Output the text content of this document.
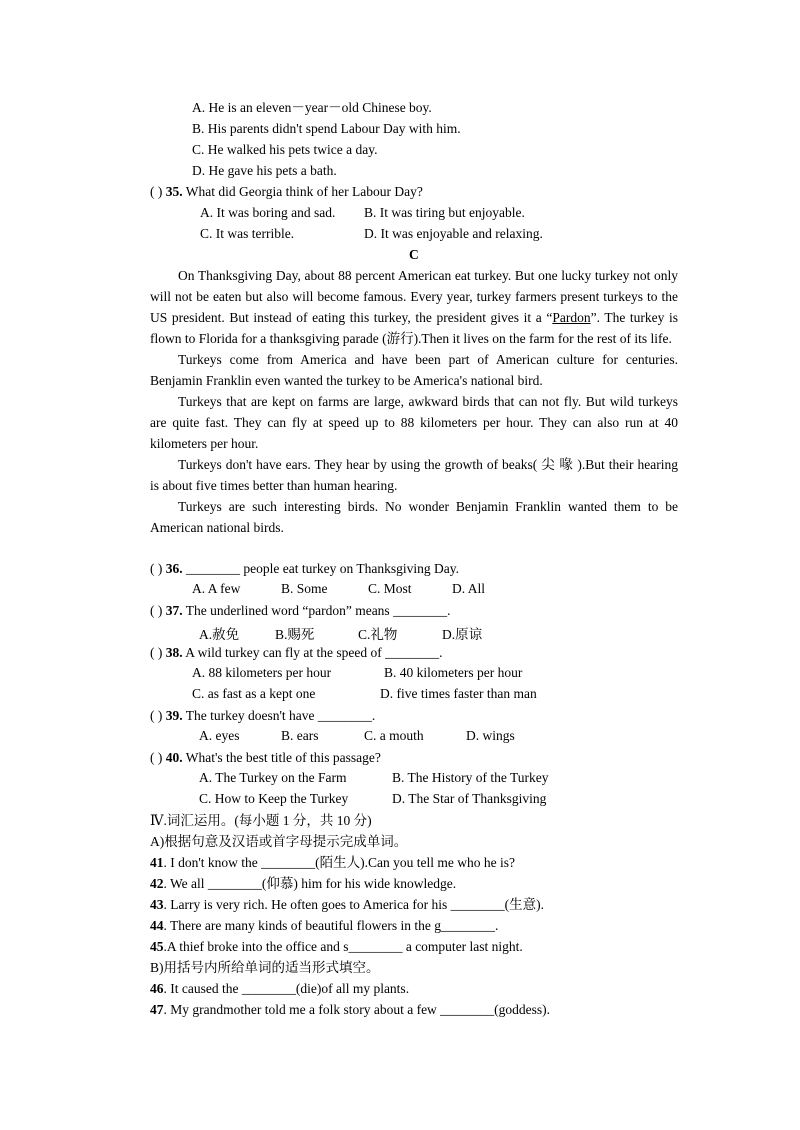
A. He is an eleven－year－old Chinese boy.
B. His parents didn't spend Labour Day with him.
C. He walked his pets twice a day.
D. He gave his pets a bath.
( ) 35. What did Georgia think of her Labour Day?
A. It was boring and sad. B. It was tiring but enjoyable.
C. It was terrible.	D. It was enjoyable and relaxing.
C

On Thanksgiving Day, about 88 percent American eat turkey. But one lucky turkey not only will not be eaten but also will become famous. Every year, turkey farmers present turkeys to the US president. But instead of eating this turkey, the president gives it a “Pardon”. The turkey is flown to Florida for a thanksgiving parade (游行).Then it lives on the farm for the rest of its life.

Turkeys come from America and have been part of American culture for centuries. Benjamin Franklin even wanted the turkey to be America's national bird.

Turkeys that are kept on farms are large, awkward birds that can not fly. But wild turkeys are quite fast. They can fly at speed up to 88 kilometers per hour. They can also run at 40 kilometers per hour.

Turkeys don't have ears. They hear by using the growth of beaks( 尖 喙 ).But their hearing is about five times better than human hearing.

Turkeys are such interesting birds. No wonder Benjamin Franklin wanted them to be American national birds.

( ) 36. ________ people eat turkey on Thanksgiving Day.
A. A few	B. Some	C. Most	D. All
( ) 37. The underlined word “pardon” means ________.
A.赦免	B.赐死	C.礼物	D.原谅
( ) 38. A wild turkey can fly at the speed of ________.
A. 88 kilometers per hour	B. 40 kilometers per hour
C. as fast as a kept one	D. five times faster than man
( ) 39. The turkey doesn't have ________.
A. eyes	B. ears	C. a mouth	D. wings
( ) 40. What's the best title of this passage?
A. The Turkey on the Farm	B. The History of the Turkey
C. How to Keep the Turkey	D. The Star of Thanksgiving
Ⅳ.词汇运用。(每小题 1 分，共 10 分)
A)根据句意及汉语或首字母提示完成单词。
41. I don't know the ________(陌生人).Can you tell me who he is?
42. We all ________(仰慕) him for his wide knowledge.
43. Larry is very rich. He often goes to America for his ________(生意).
44. There are many kinds of beautiful flowers in the g________.
45.A thief broke into the office and s________ a computer last night.
B)用括号内所给单词的适当形式填空。
46. It caused the ________(die)of all my plants.
47. My grandmother told me a folk story about a few ________(goddess).
